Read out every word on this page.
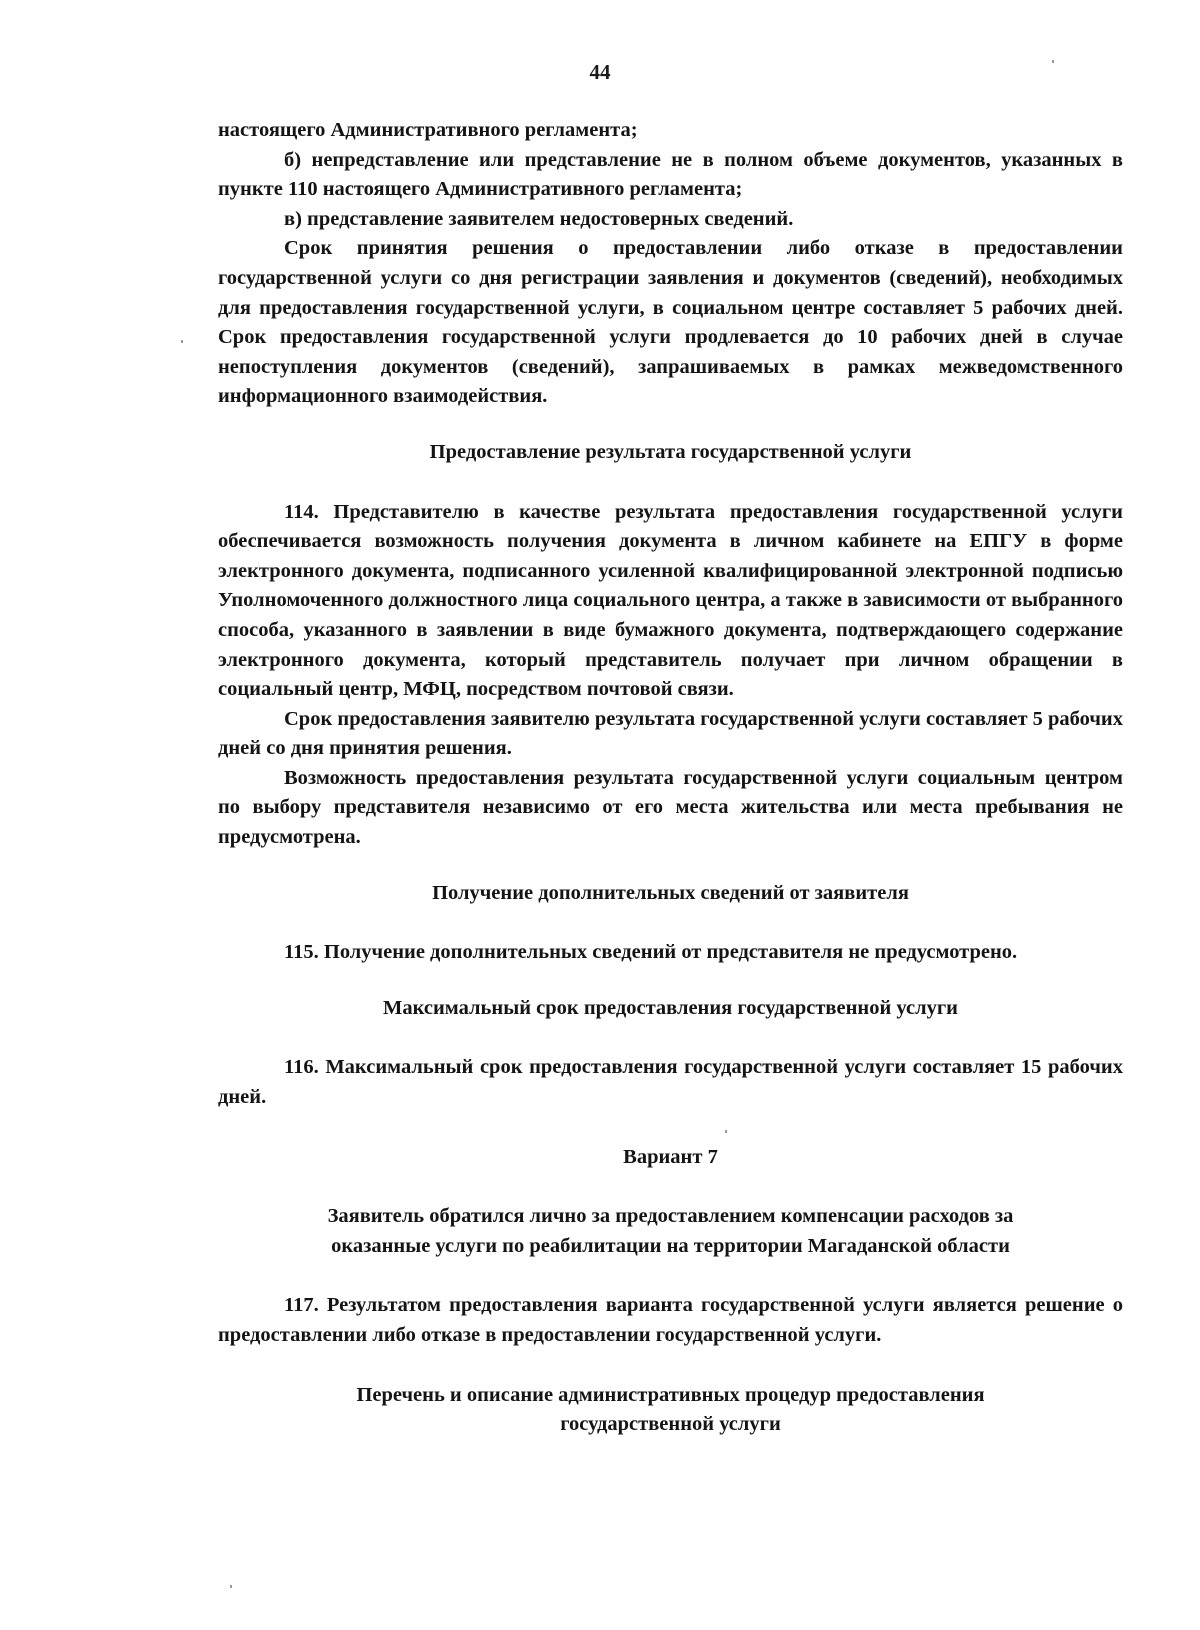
44

настоящего Административного регламента;

б) непредставление или представление не в полном объеме документов, указанных в пункте 110 настоящего Административного регламента;

в) представление заявителем недостоверных сведений.

Срок принятия решения о предоставлении либо отказе в предоставлении государственной услуги со дня регистрации заявления и документов (сведений), необходимых для предоставления государственной услуги, в социальном центре составляет 5 рабочих дней. Срок предоставления государственной услуги продлевается до 10 рабочих дней в случае непоступления документов (сведений), запрашиваемых в рамках межведомственного информационного взаимодействия.

Предоставление результата государственной услуги

114. Представителю в качестве результата предоставления государственной услуги обеспечивается возможность получения документа в личном кабинете на ЕПГУ в форме электронного документа, подписанного усиленной квалифицированной электронной подписью Уполномоченного должностного лица социального центра, а также в зависимости от выбранного способа, указанного в заявлении в виде бумажного документа, подтверждающего содержание электронного документа, который представитель получает при личном обращении в социальный центр, МФЦ, посредством почтовой связи.

Срок предоставления заявителю результата государственной услуги составляет 5 рабочих дней со дня принятия решения.

Возможность предоставления результата государственной услуги социальным центром по выбору представителя независимо от его места жительства или места пребывания не предусмотрена.

Получение дополнительных сведений от заявителя

115. Получение дополнительных сведений от представителя не предусмотрено.

Максимальный срок предоставления государственной услуги

116. Максимальный срок предоставления государственной услуги составляет 15 рабочих дней.

Вариант 7
Заявитель обратился лично за предоставлением компенсации расходов за
оказанные услуги по реабилитации на территории Магаданской области

117. Результатом предоставления варианта государственной услуги является решение о предоставлении либо отказе в предоставлении государственной услуги.

Перечень и описание административных процедур предоставления
государственной услуги
